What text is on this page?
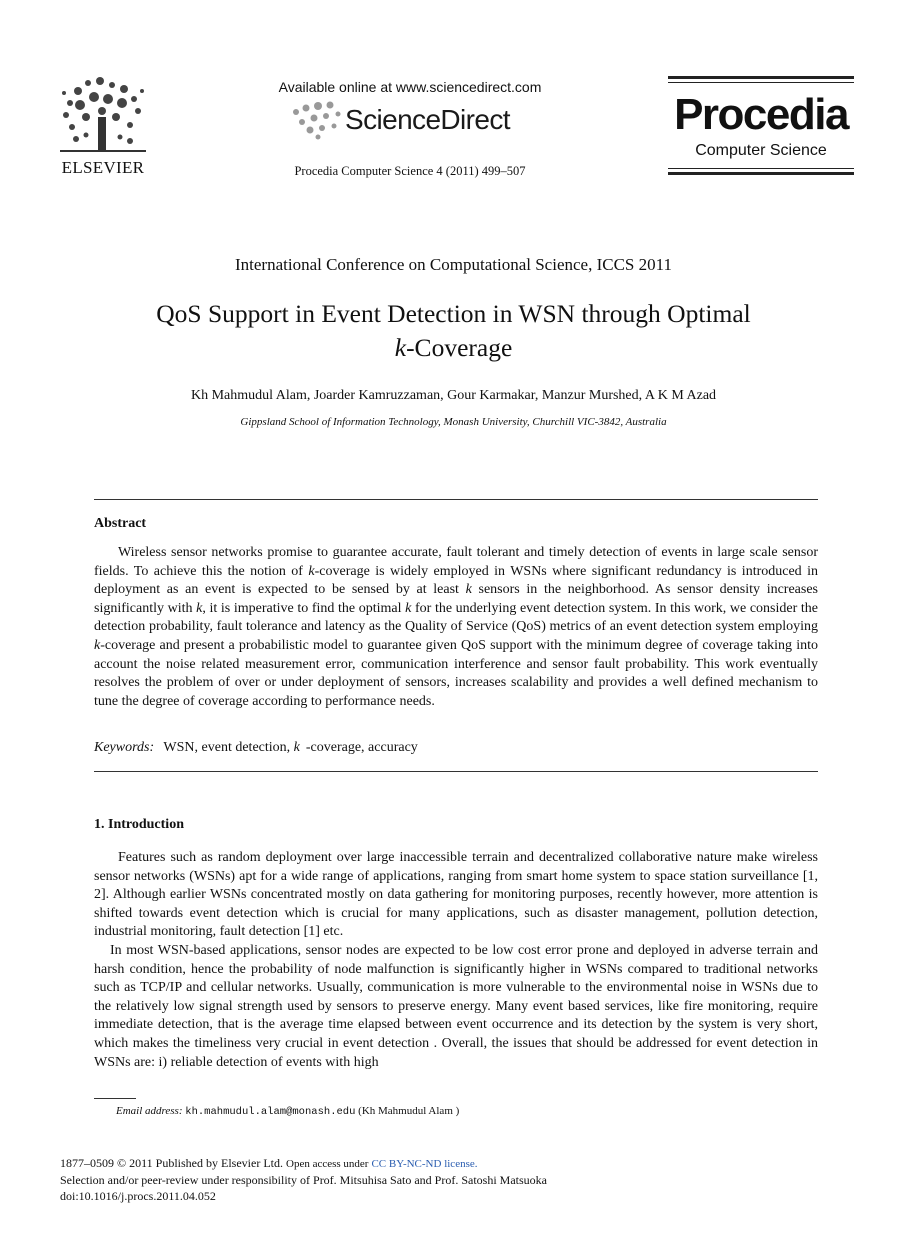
ELSEVIER
Available online at www.sciencedirect.com
ScienceDirect
Procedia Computer Science 4 (2011) 499–507
Procedia
Computer Science
International Conference on Computational Science, ICCS 2011
QoS Support in Event Detection in WSN through Optimal
k-Coverage
Kh Mahmudul Alam, Joarder Kamruzzaman, Gour Karmakar, Manzur Murshed, A K M Azad
Gippsland School of Information Technology, Monash University, Churchill VIC-3842, Australia
Abstract

Wireless sensor networks promise to guarantee accurate, fault tolerant and timely detection of events in large scale sensor fields. To achieve this the notion of k-coverage is widely employed in WSNs where significant redundancy is introduced in deployment as an event is expected to be sensed by at least k sensors in the neighborhood. As sensor density increases significantly with k, it is imperative to find the optimal k for the underlying event detection system. In this work, we consider the detection probability, fault tolerance and latency as the Quality of Service (QoS) metrics of an event detection system employing k-coverage and present a probabilistic model to guarantee given QoS support with the minimum degree of coverage taking into account the noise related measurement error, communication interference and sensor fault probability. This work eventually resolves the problem of over or under deployment of sensors, increases scalability and provides a well defined mechanism to tune the degree of coverage according to performance needs.

Keywords: WSN, event detection, k -coverage, accuracy
1. Introduction

Features such as random deployment over large inaccessible terrain and decentralized collaborative nature make wireless sensor networks (WSNs) apt for a wide range of applications, ranging from smart home system to space station surveillance [1, 2]. Although earlier WSNs concentrated mostly on data gathering for monitoring purposes, recently however, more attention is shifted towards event detection which is crucial for many applications, such as disaster management, pollution detection, industrial monitoring, fault detection [1] etc.

In most WSN-based applications, sensor nodes are expected to be low cost error prone and deployed in adverse terrain and harsh condition, hence the probability of node malfunction is significantly higher in WSNs compared to traditional networks such as TCP/IP and cellular networks. Usually, communication is more vulnerable to the environmental noise in WSNs due to the relatively low signal strength used by sensors to preserve energy. Many event based services, like fire monitoring, require immediate detection, that is the average time elapsed between event occurrence and its detection by the system is very short, which makes the timeliness very crucial in event detection . Overall, the issues that should be addressed for event detection in WSNs are: i) reliable detection of events with high

Email address: kh.mahmudul.alam@monash.edu (Kh Mahmudul Alam )
1877–0509 © 2011 Published by Elsevier Ltd. Open access under CC BY-NC-ND license.
Selection and/or peer-review under responsibility of Prof. Mitsuhisa Sato and Prof. Satoshi Matsuoka
doi:10.1016/j.procs.2011.04.052
